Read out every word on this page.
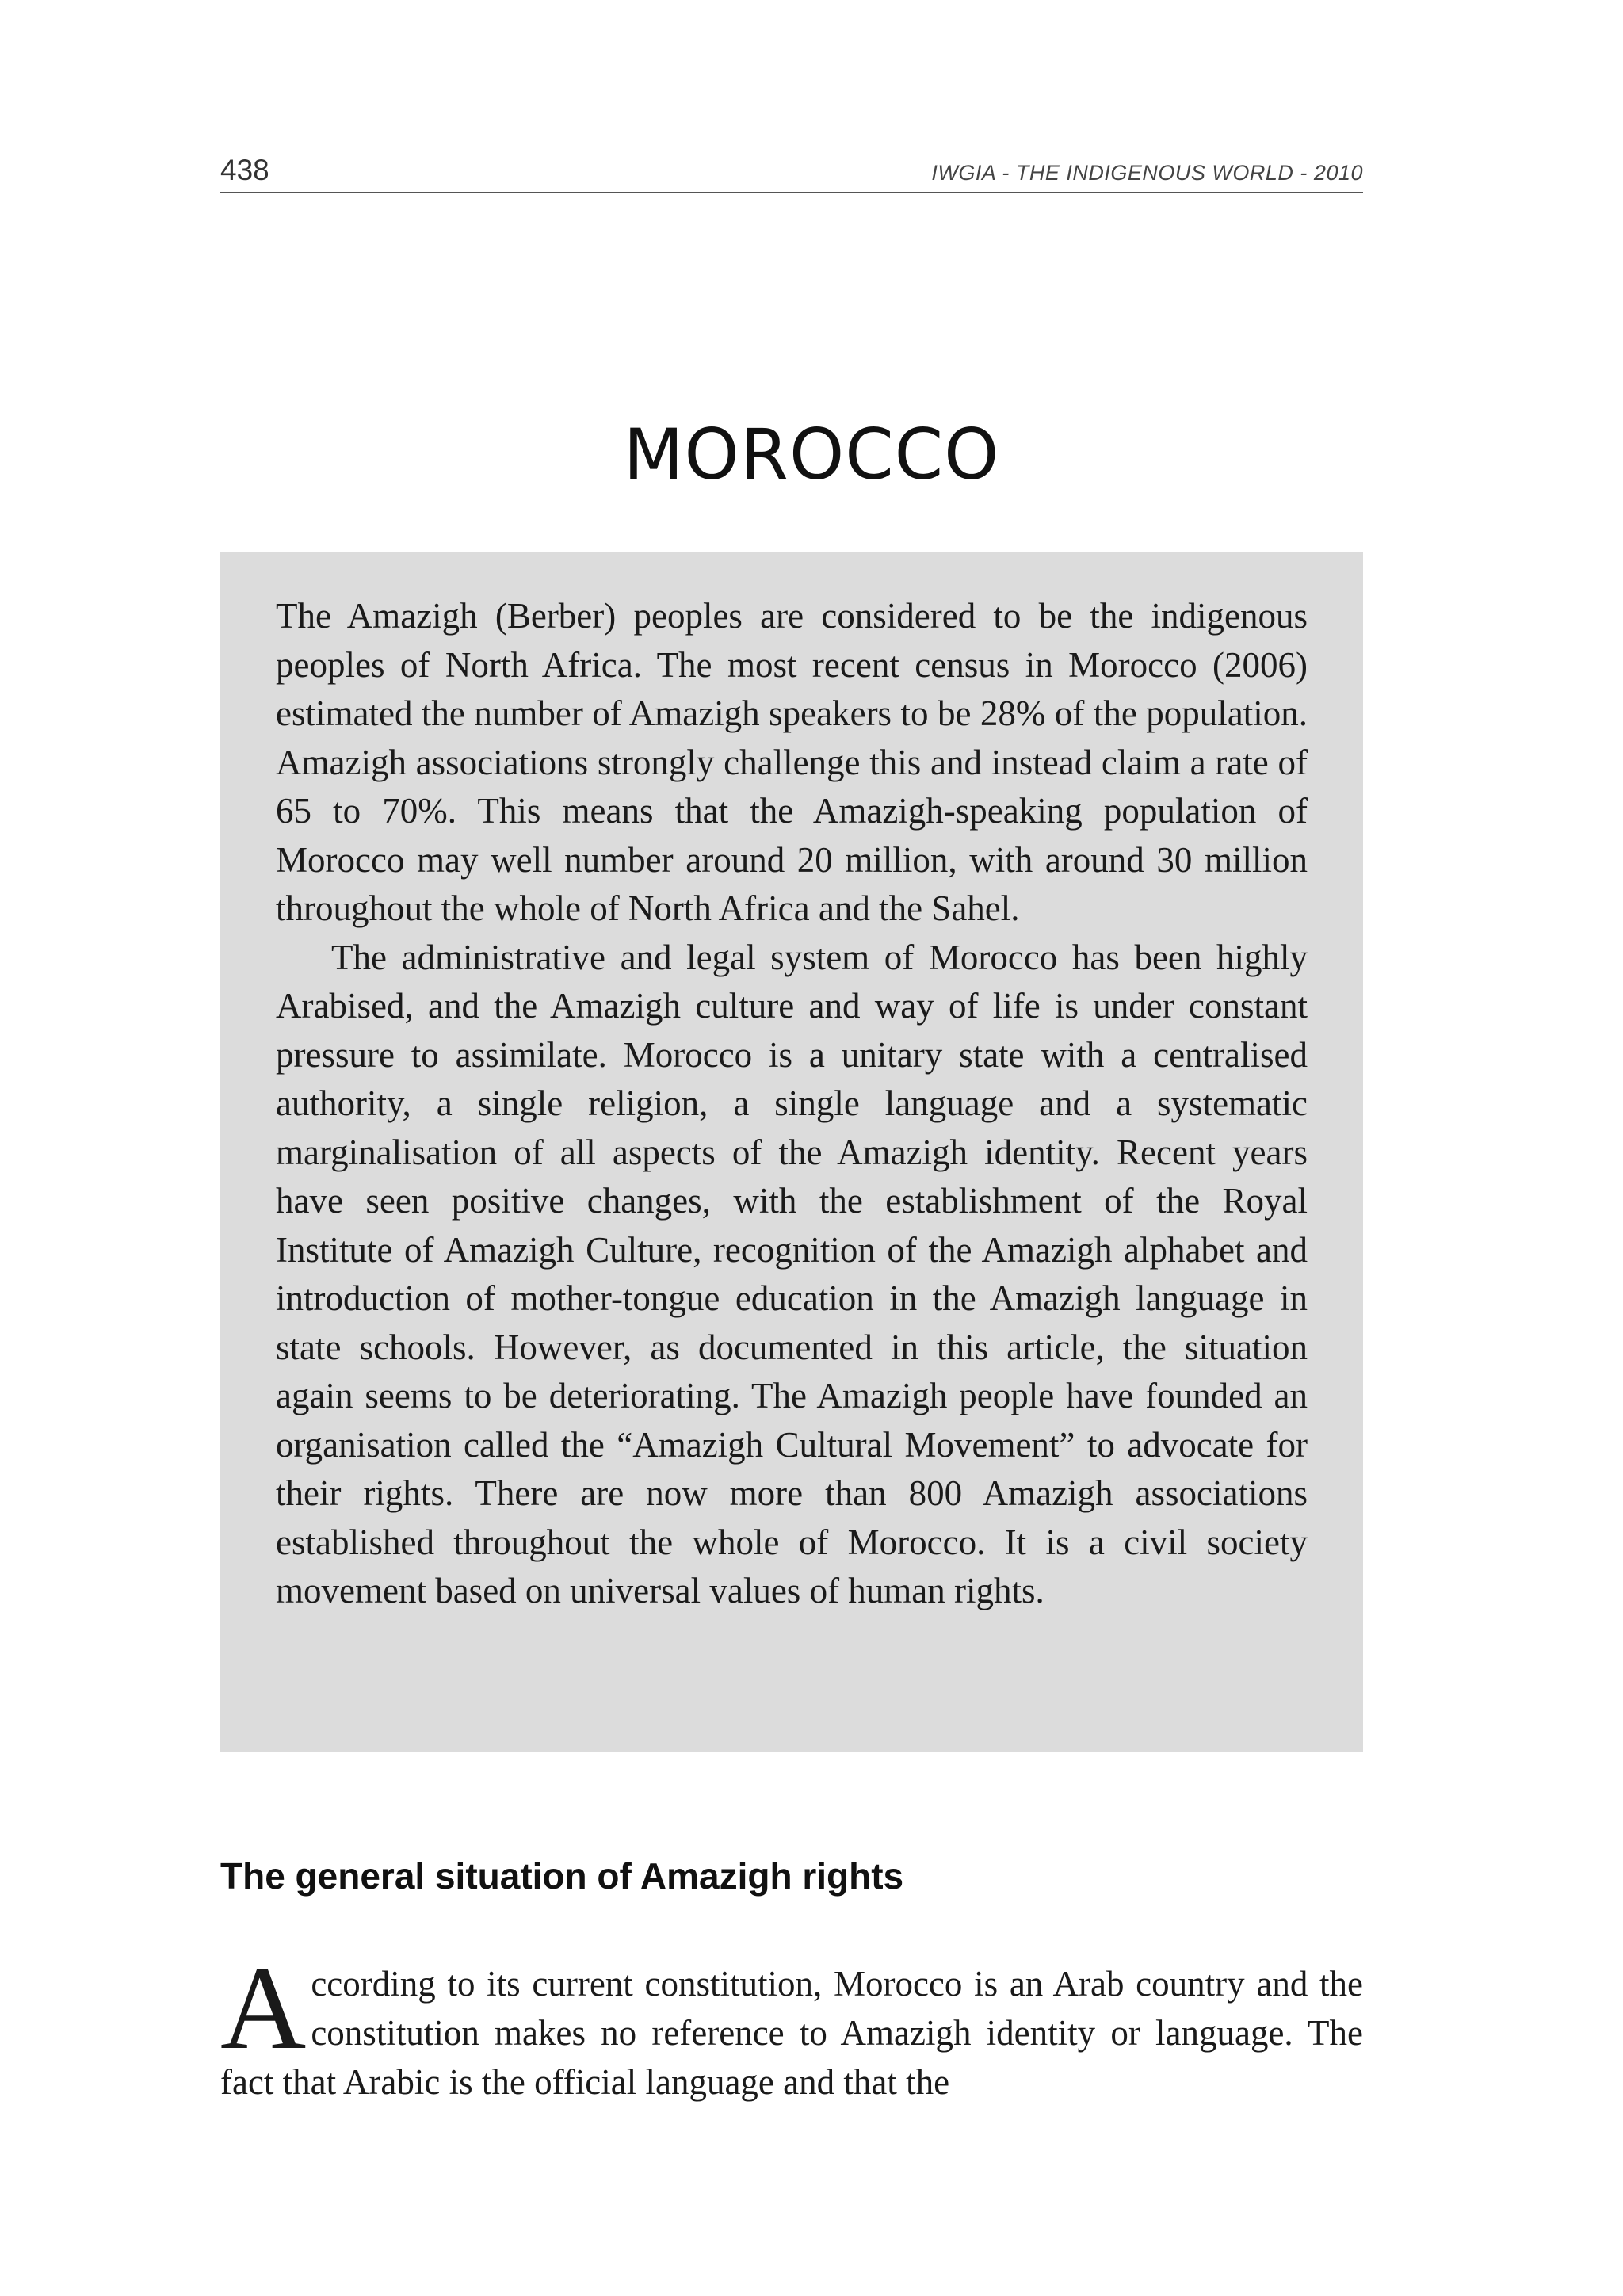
438	IWGIA - THE INDIGENOUS WORLD - 2010
MOROCCO

The Amazigh (Berber) peoples are considered to be the indigenous peoples of North Africa. The most recent census in Morocco (2006) estimated the number of Amazigh speakers to be 28% of the population. Amazigh associations strongly challenge this and instead claim a rate of 65 to 70%. This means that the Amazigh-speaking population of Morocco may well number around 20 million, with around 30 million throughout the whole of North Africa and the Sahel.

The administrative and legal system of Morocco has been highly Arabised, and the Amazigh culture and way of life is under constant pressure to assimilate. Morocco is a unitary state with a centralised authority, a single religion, a single language and a systematic marginalisation of all aspects of the Amazigh identity. Recent years have seen positive changes, with the establishment of the Royal Institute of Amazigh Culture, recognition of the Amazigh alphabet and introduction of mother-tongue education in the Amazigh language in state schools. However, as documented in this article, the situation again seems to be deteriorating. The Amazigh people have founded an organisation called the “Amazigh Cultural Movement” to advocate for their rights. There are now more than 800 Amazigh associations established throughout the whole of Morocco. It is a civil society movement based on universal values of human rights.

The general situation of Amazigh rights

According to its current constitution, Morocco is an Arab country and the constitution makes no reference to Amazigh identity or language. The fact that Arabic is the official language and that the
